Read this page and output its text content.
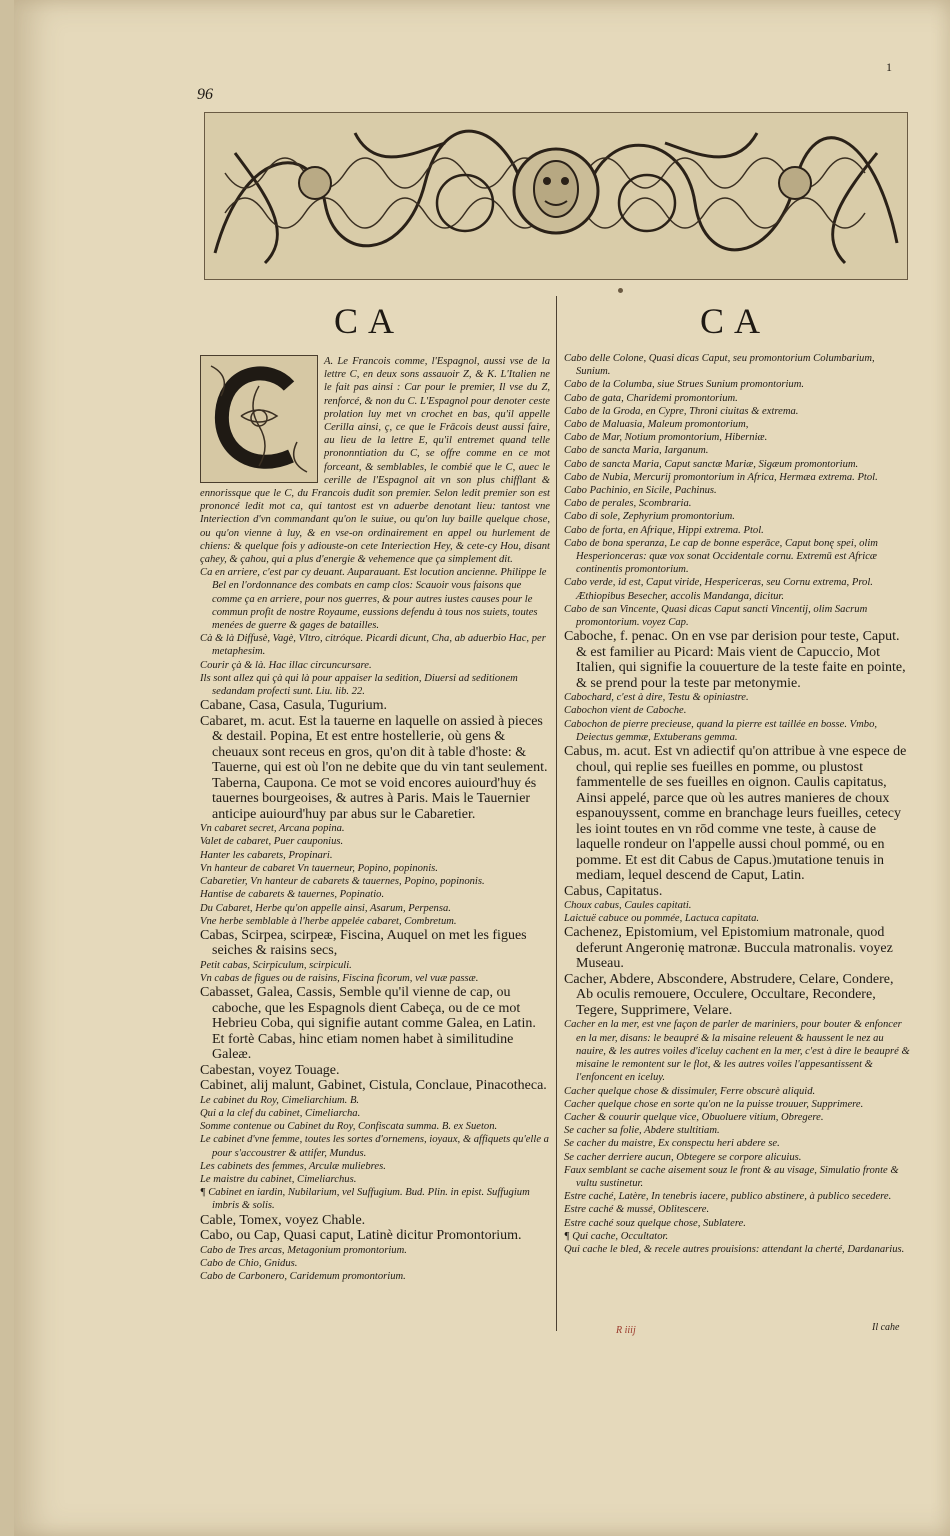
1
96
CA	CA
A. Le Francois comme, l'Espagnol, aussi vse de la lettre C, en deux sons assauoir Z, & K. L'Italien ne le fait pas ainsi : Car pour le premier, Il vse du Z, renforcé, & non du C. L'Espagnol pour denoter ceste prolation luy met vn crochet en bas, qu'il appelle Cerilla ainsi, ç, ce que le Frācois deust aussi faire, au lieu de la lettre E, qu'il entremet quand telle prononntiation du C, se offre comme en ce mot forceant, & semblables, le combié que le C, auec le cerille de l'Espagnol ait vn son plus chifflant & ennorissque que le C, du Francois dudit son premier. Selon ledit premier son est prononcé ledit mot ca, qui tantost est vn aduerbe denotant lieu: tantost vne Interiection d'vn commandant qu'on le suiue, ou qu'on luy baille quelque chose, ou qu'on vienne à luy, & en vse-on ordinairement en appel ou hurlement de chiens: & quelque fois y adiouste-on cete Interiection Hey, & cete-cy Hou, disant çahey, & çahou, qui a plus d'energie & vehemence que ça simplement dit.

Ca en arriere, c'est par cy deuant. Auparauant. Est locution ancienne. Philippe le Bel en l'ordonnance des combats en camp clos: Scauoir vous faisons que comme ça en arriere, pour nos guerres, & pour autres iustes causes pour le commun profit de nostre Royaume, eussions defendu à tous nos suiets, toutes menées de guerre & gages de batailles.

Cà & là Diffusè, Vagè, Vltro, citróque. Picardi dicunt, Cha, ab aduerbio Hac, per metaphesim.

Courir çà & là. Hac illac circuncursare.

Ils sont allez qui çà qui là pour appaiser la sedition, Diuersi ad seditionem sedandam profecti sunt. Liu. lib. 22.

Cabane, Casa, Casula, Tugurium.

Cabaret, m. acut. Est la tauerne en laquelle on assied à pieces & destail. Popina, Et est entre hostellerie, où gens & cheuaux sont receus en gros, qu'on dit à table d'hoste: & Tauerne, qui est où l'on ne debite que du vin tant seulement. Taberna, Caupona. Ce mot se void encores auiourd'huy és tauernes bourgeoises, & autres à Paris. Mais le Tauernier anticipe auiourd'huy par abus sur le Cabaretier.

Vn cabaret secret, Arcana popina.

Valet de cabaret, Puer cauponius.

Hanter les cabarets, Propinari.

Vn hanteur de cabaret Vn tauerneur, Popino, popinonis.

Cabaretier, Vn hanteur de cabarets & tauernes, Popino, popinonis.

Hantise de cabarets & tauernes, Popinatio.

Du Cabaret, Herbe qu'on appelle ainsi, Asarum, Perpensa.

Vne herbe semblable à l'herbe appelée cabaret, Combretum.

Cabas, Scirpea, scirpeæ, Fiscina, Auquel on met les figues seiches & raisins secs,

Petit cabas, Scirpiculum, scirpiculi.

Vn cabas de figues ou de raisins, Fiscina ficorum, vel vuæ passæ.

Cabasset, Galea, Cassis, Semble qu'il vienne de cap, ou caboche, que les Espagnols dient Cabeça, ou de ce mot Hebrieu Coba, qui signifie autant comme Galea, en Latin. Et fortè Cabas, hinc etiam nomen habet à similitudine Galeæ.

Cabestan, voyez Touage.

Cabinet, alij malunt, Gabinet, Cistula, Conclaue, Pinacotheca.

Le cabinet du Roy, Cimeliarchium. B.

Qui a la clef du cabinet, Cimeliarcha.

Somme contenue ou Cabinet du Roy, Confiscata summa. B. ex Sueton.

Le cabinet d'vne femme, toutes les sortes d'ornemens, ioyaux, & affiquets qu'elle a pour s'accoustrer & attifer, Mundus.

Les cabinets des femmes, Arculæ muliebres.

Le maistre du cabinet, Cimeliarchus.

¶ Cabinet en iardin, Nubilarium, vel Suffugium. Bud. Plin. in epist. Suffugium imbris & solis.

Cable, Tomex, voyez Chable.

Cabo, ou Cap, Quasi caput, Latinè dicitur Promontorium.

Cabo de Tres arcas, Metagonium promontorium.

Cabo de Chio, Gnidus.

Cabo de Carbonero, Caridemum promontorium.

Cabo delle Colone, Quasi dicas Caput, seu promontorium Columbarium, Sunium.

Cabo de la Columba, siue Strues Sunium promontorium.

Cabo de gata, Charidemi promontorium.

Cabo de la Groda, en Cypre, Throni ciuitas & extrema.

Cabo de Maluasia, Maleum promontorium,

Cabo de Mar, Notium promontorium, Hiberniæ.

Cabo de sancta Maria, Iarganum.

Cabo de sancta Maria, Caput sanctæ Mariæ, Sigæum promontorium.

Cabo de Nubia, Mercurij promontorium in Africa, Hermæa extrema. Ptol.

Cabo Pachinio, en Sicile, Pachinus.

Cabo de perales, Scombraria.

Cabo di sole, Zephyrium promontorium.

Cabo de forta, en Afrique, Hippi extrema. Ptol.

Cabo de bona speranza, Le cap de bonne esperāce, Caput bonę spei, olim Hesperionceras: quæ vox sonat Occidentale cornu. Extremū est Africæ continentis promontorium.

Cabo verde, id est, Caput viride, Hespericeras, seu Cornu extrema, Prol. Æthiopibus Besecher, accolis Mandanga, dicitur.

Cabo de san Vincente, Quasi dicas Caput sancti Vincentij, olim Sacrum promontorium. voyez Cap.

Caboche, f. penac. On en vse par derision pour teste, Caput. & est familier au Picard: Mais vient de Capuccio, Mot Italien, qui signifie la couuerture de la teste faite en pointe, & se prend pour la teste par metonymie.

Cabochard, c'est à dire, Testu & opiniastre.

Cabochon vient de Caboche.

Cabochon de pierre precieuse, quand la pierre est taillée en bosse. Vmbo, Deiectus gemmæ, Extuberans gemma.

Cabus, m. acut. Est vn adiectif qu'on attribue à vne espece de choul, qui replie ses fueilles en pomme, ou plustost fammentelle de ses fueilles en oignon. Caulis capitatus, Ainsi appelé, parce que où les autres manieres de choux espanouyssent, comme en branchage leurs fueilles, cetecy les ioint toutes en vn rōd comme vne teste, à cause de laquelle rondeur on l'appelle aussi choul pommé, ou en pomme. Et est dit Cabus de Capus.)mutatione tenuis in mediam, lequel descend de Caput, Latin.

Cabus, Capitatus.

Choux cabus, Caules capitati.

Laictuë cabuce ou pommée, Lactuca capitata.

Cachenez, Epistomium, vel Epistomium matronale, quod deferunt Angeronię matronæ. Buccula matronalis. voyez Museau.

Cacher, Abdere, Abscondere, Abstrudere, Celare, Condere, Ab oculis remouere, Occulere, Occultare, Recondere, Tegere, Supprimere, Velare.

Cacher en la mer, est vne façon de parler de mariniers, pour bouter & enfoncer en la mer, disans: le beaupré & la misaine releuent & haussent le nez au nauire, & les autres voiles d'iceluy cachent en la mer, c'est à dire le beaupré & misaine le remontent sur le flot, & les autres voiles l'appesantissent & l'enfoncent en iceluy.

Cacher quelque chose & dissimuler, Ferre obscurè aliquid.

Cacher quelque chose en sorte qu'on ne la puisse trouuer, Supprimere.

Cacher & couurir quelque vice, Obuoluere vitium, Obregere.

Se cacher sa folie, Abdere stultitiam.

Se cacher du maistre, Ex conspectu heri abdere se.

Se cacher derriere aucun, Obtegere se corpore alicuius.

Faux semblant se cache aisement souz le front & au visage, Simulatio fronte & vultu sustinetur.

Estre caché, Latère, In tenebris iacere, publico abstinere, à publico secedere.

Estre caché & mussé, Oblitescere.

Estre caché souz quelque chose, Sublatere.

¶ Qui cache, Occultator.

Qui cache le bled, & recele autres prouisions: attendant la cherté, Dardanarius.

R iiij	Il cahe
